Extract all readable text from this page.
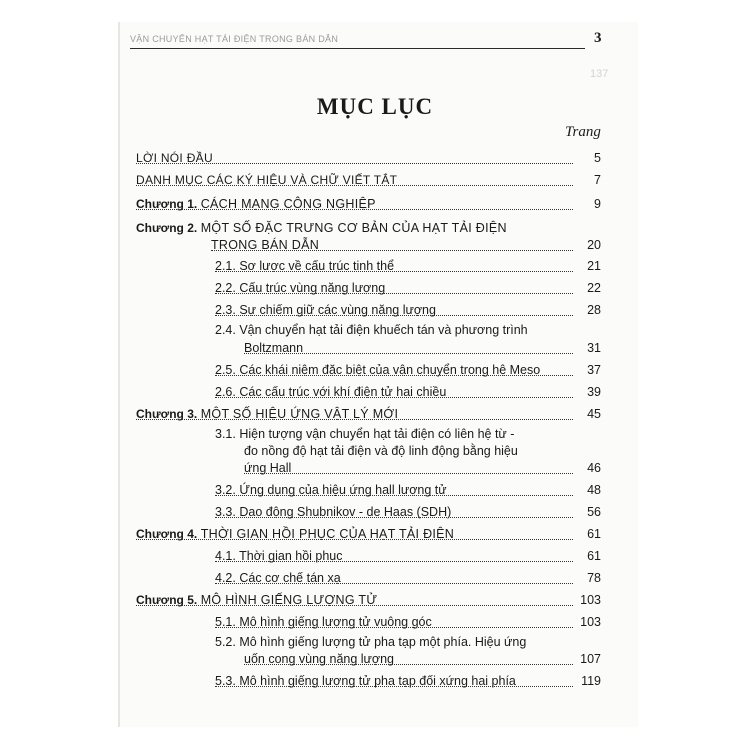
137
VẬN CHUYỂN HẠT TẢI ĐIỆN TRONG BÁN DẪN	3
MỤC LỤC
Trang
LỜI NÓI ĐẦU	5
DANH MỤC CÁC KÝ HIỆU VÀ CHỮ VIẾT TẮT	7
Chương 1. CÁCH MẠNG CÔNG NGHIỆP	9
Chương 2. MỘT SỐ ĐẶC TRƯNG CƠ BẢN CỦA HẠT TẢI ĐIỆN
TRONG BÁN DẪN	20
2.1. Sơ lược về cấu trúc tinh thể	21
2.2. Cấu trúc vùng năng lượng	22
2.3. Sự chiếm giữ các vùng năng lượng	28
2.4. Vận chuyển hạt tải điện khuếch tán và phương trình
Boltzmann	31
2.5. Các khái niệm đặc biệt của vận chuyển trong hệ Meso	37
2.6. Các cấu trúc với khí điện tử hai chiều	39
Chương 3. MỘT SỐ HIỆU ỨNG VẬT LÝ MỚI	45
3.1. Hiện tượng vận chuyển hạt tải điện có liên hệ từ -
đo nồng độ hạt tải điện và độ linh động bằng hiệu
ứng Hall	46
3.2. Ứng dụng của hiệu ứng hall lượng tử	48
3.3. Dao động Shubnikov - de Haas (SDH)	56
Chương 4. THỜI GIAN HỒI PHỤC CỦA HẠT TẢI ĐIỆN	61
4.1. Thời gian hồi phục	61
4.2. Các cơ chế tán xạ	78
Chương 5. MÔ HÌNH GIẾNG LƯỢNG TỬ	103
5.1. Mô hình giếng lượng tử vuông góc	103
5.2. Mô hình giếng lượng tử pha tạp một phía. Hiệu ứng
uốn cong vùng năng lượng	107
5.3. Mô hình giếng lượng tử pha tạp đối xứng hai phía	119
